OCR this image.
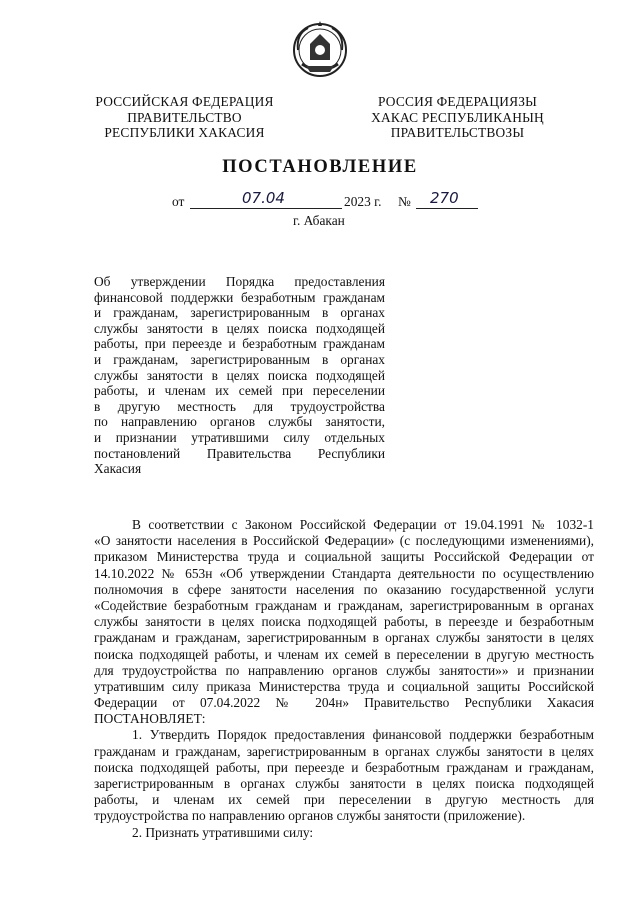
РОССИЙСКАЯ ФЕДЕРАЦИЯ
ПРАВИТЕЛЬСТВО
РЕСПУБЛИКИ ХАКАСИЯ
РОССИЯ ФЕДЕРАЦИЯЗЫ
ХАКАС РЕСПУБЛИКАНЫҢ
ПРАВИТЕЛЬСТВОЗЫ
ПОСТАНОВЛЕНИЕ
от	07.04	2023 г. № 270
г. Абакан
Об утверждении Порядка предоставления
финансовой поддержки безработным гражданам
и гражданам, зарегистрированным в органах
службы занятости в целях поиска подходящей
работы, при переезде и безработным гражданам
и гражданам, зарегистрированным в органах
службы занятости в целях поиска подходящей
работы, и членам их семей при переселении
в другую местность для трудоустройства
по направлению органов службы занятости,
и признании утратившими силу отдельных
постановлений Правительства Республики
Хакасия
В соответствии с Законом Российской Федерации от 19.04.1991 № 1032-1
«О занятости населения в Российской Федерации» (с последующими изменениями),
приказом Министерства труда и социальной защиты Российской Федерации от
14.10.2022 № 653н «Об утверждении Стандарта деятельности по осуществлению
полномочия в сфере занятости населения по оказанию государственной услуги
«Содействие безработным гражданам и гражданам, зарегистрированным в органах
службы занятости в целях поиска подходящей работы, в переезде и безработным
гражданам и гражданам, зарегистрированным в органах службы занятости в целях
поиска подходящей работы, и членам их семей в переселении в другую местность
для трудоустройства по направлению органов службы занятости»» и признании
утратившим силу приказа Министерства труда и социальной защиты Российской
Федерации от 07.04.2022 № 204н» Правительство Республики Хакасия
ПОСТАНОВЛЯЕТ:
1. Утвердить Порядок предоставления финансовой поддержки безработным
гражданам и гражданам, зарегистрированным в органах службы занятости в целях
поиска подходящей работы, при переезде и безработным гражданам и гражданам,
зарегистрированным в органах службы занятости в целях поиска подходящей
работы, и членам их семей при переселении в другую местность для
трудоустройства по направлению органов службы занятости (приложение).
2. Признать утратившими силу:
